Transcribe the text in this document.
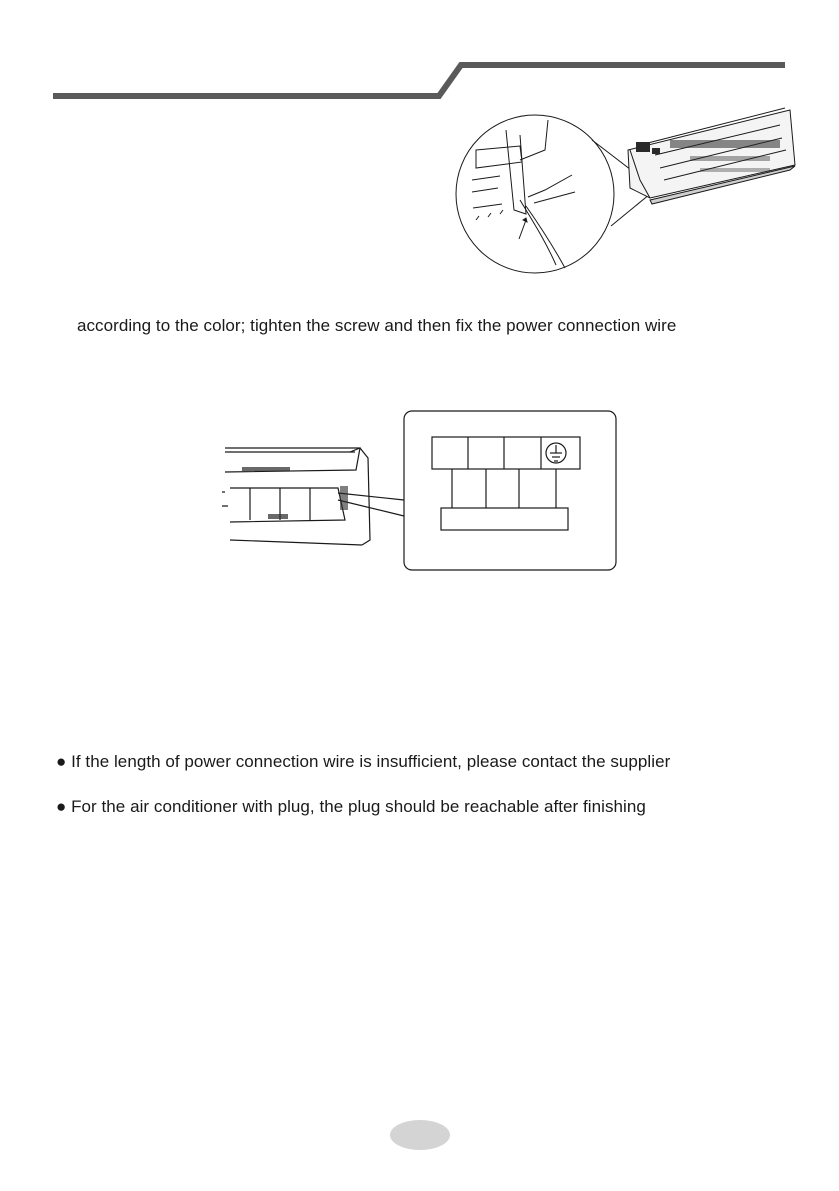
according to the color; tighten the screw and then fix the power connection wire
● If the length of power connection wire is insufficient, please contact the supplier
● For the air conditioner with plug, the plug should be reachable after finishing
